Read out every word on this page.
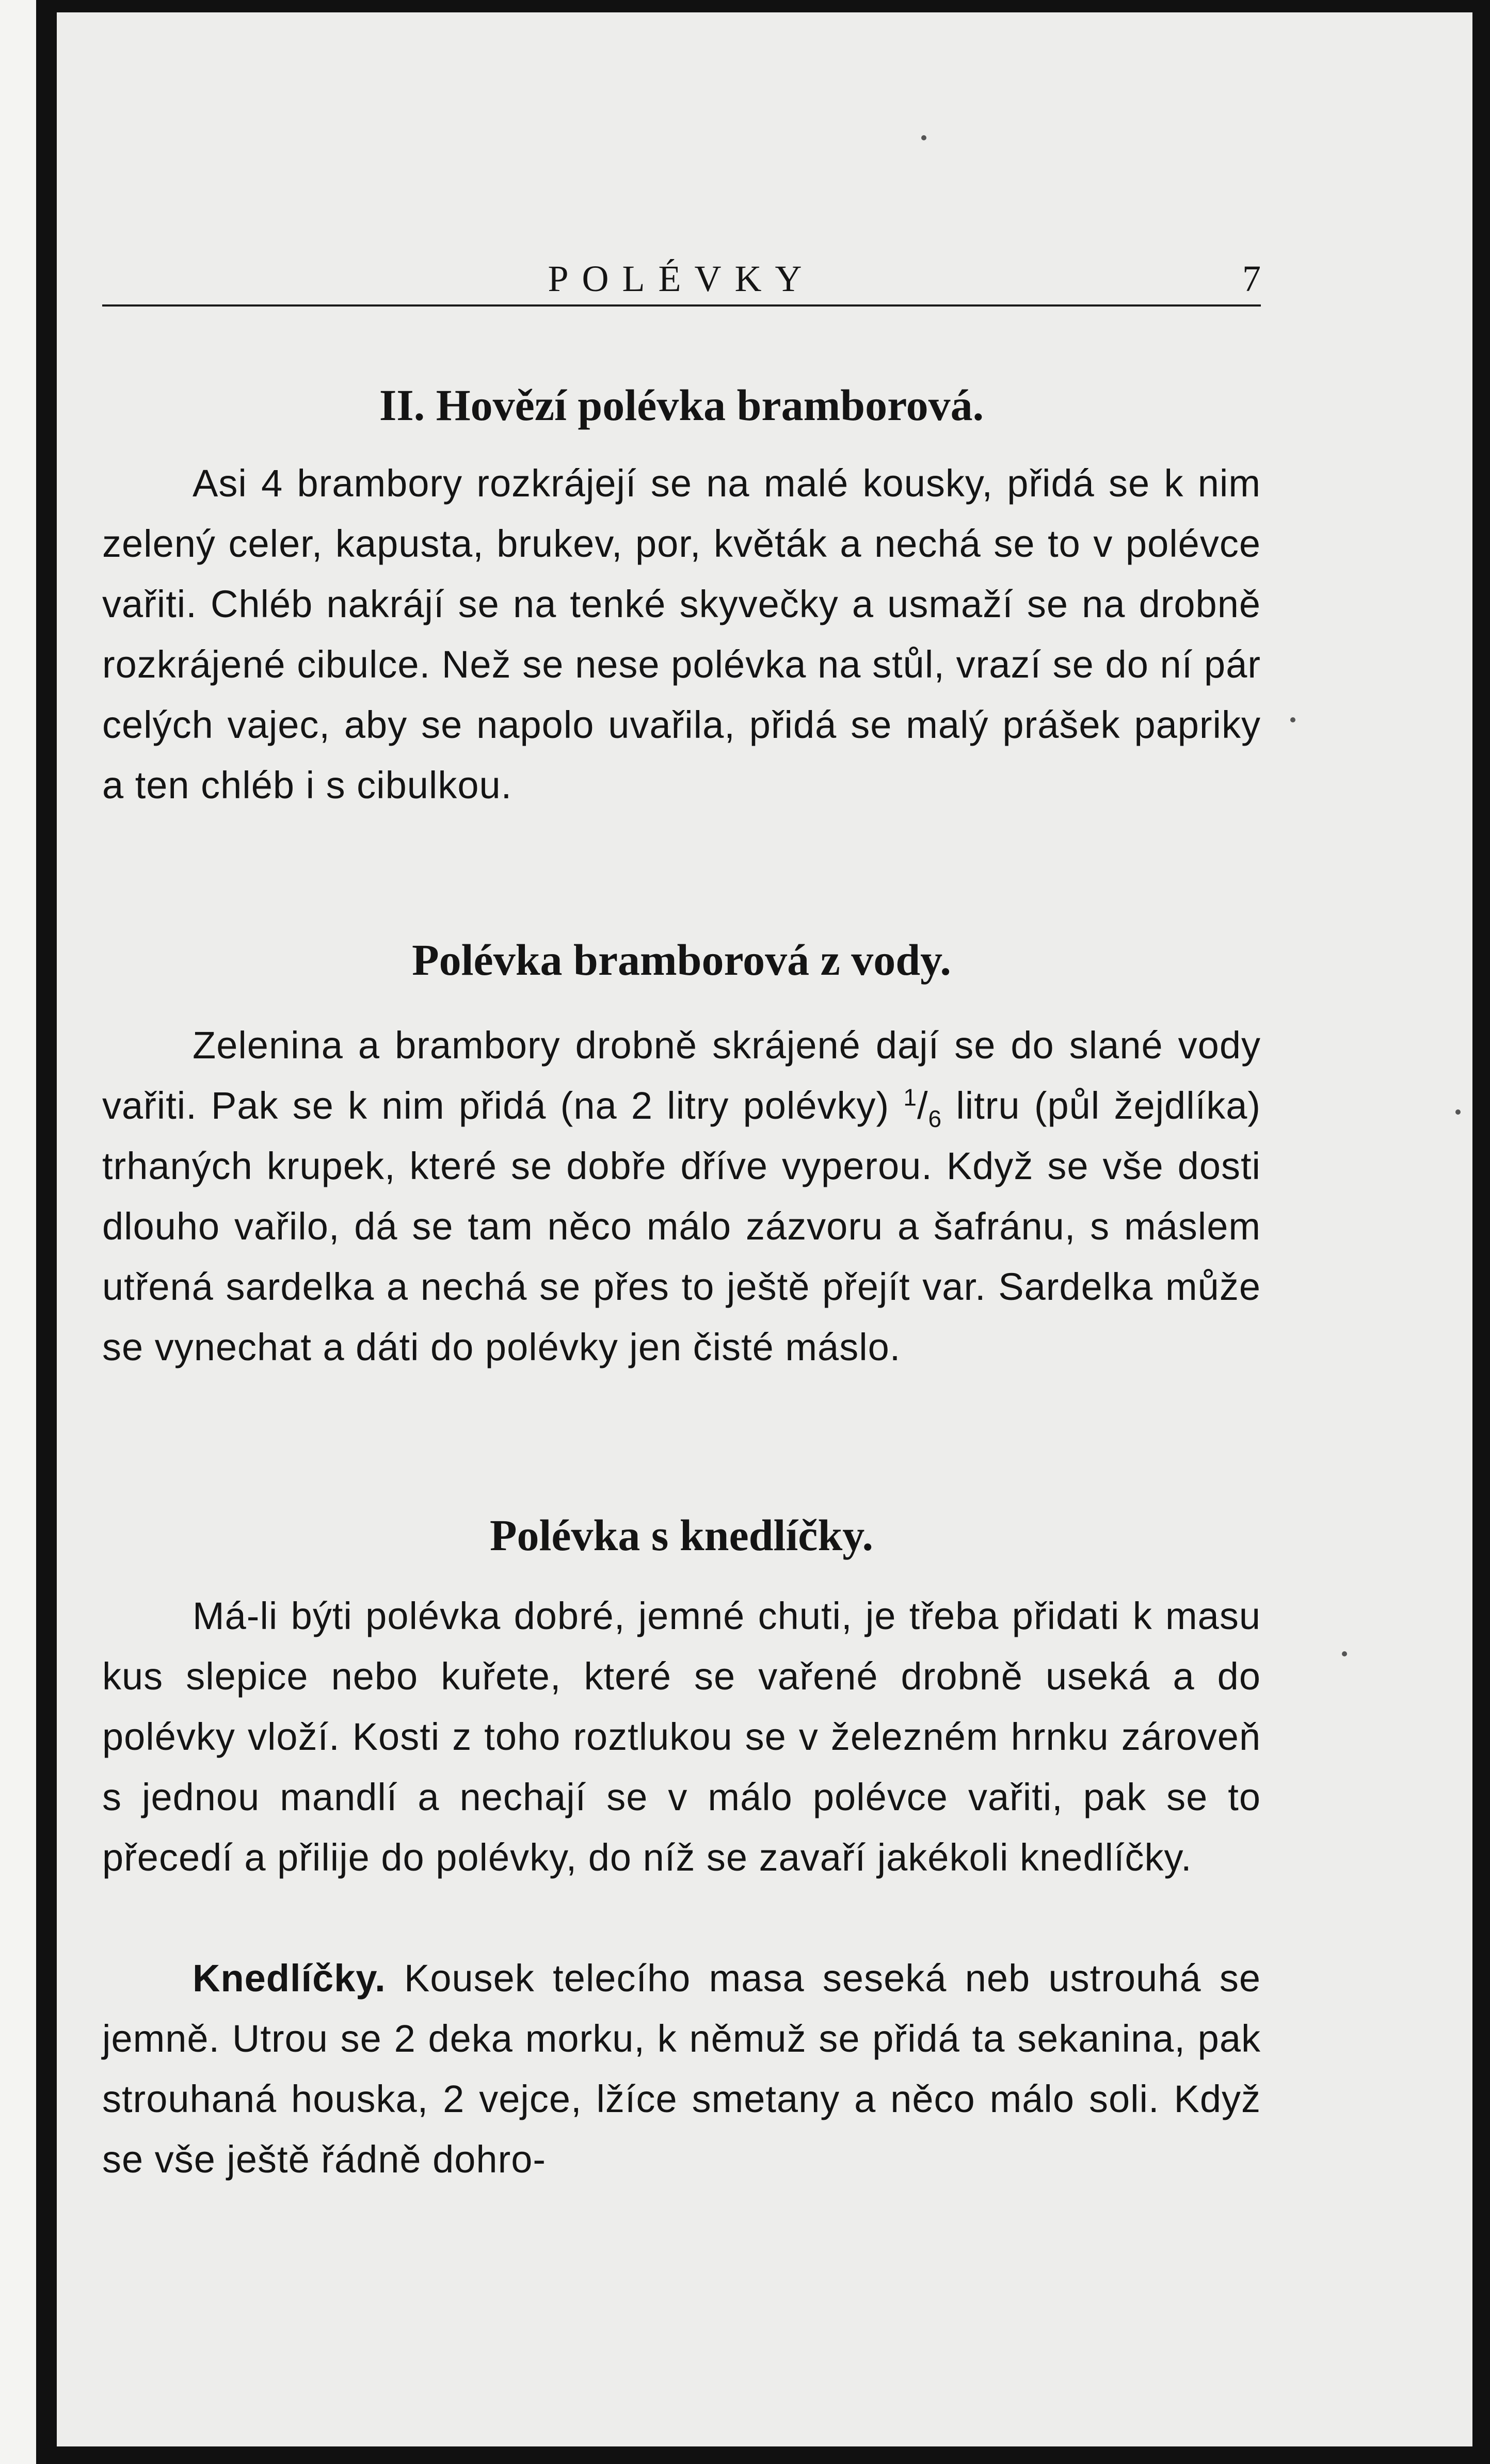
POLÉVKY	7
II. Hovězí polévka bramborová.

Asi 4 brambory rozkrájejí se na malé kousky, přidá se k nim zelený celer, kapusta, brukev, por, květák a nechá se to v polévce vařiti. Chléb nakrájí se na tenké skyvečky a usmaží se na drobně rozkrájené cibulce. Než se nese polévka na stůl, vrazí se do ní pár celých vajec, aby se napolo uvařila, přidá se malý prášek papriky a ten chléb i s cibulkou.

Polévka bramborová z vody.

Zelenina a brambory drobně skrájené dají se do slané vody vařiti. Pak se k nim přidá (na 2 litry polévky) $^1/_6$ litru (půl žejdlíka) trhaných krupek, které se dobře dříve vyperou. Když se vše dosti dlouho vařilo, dá se tam něco málo zázvoru a šafránu, s máslem utřená sardelka a nechá se přes to ještě přejít var. Sardelka může se vynechat a dáti do polévky jen čisté máslo.

Polévka s knedlíčky.

Má-li býti polévka dobré, jemné chuti, je třeba přidati k masu kus slepice nebo kuřete, které se vařené drobně useká a do polévky vloží. Kosti z toho roztlukou se v železném hrnku zároveň s jednou mandlí a nechají se v málo polévce vařiti, pak se to přecedí a přilije do polévky, do níž se zavaří jakékoli knedlíčky.

Knedlíčky. Kousek telecího masa seseká neb ustrouhá se jemně. Utrou se 2 deka morku, k němuž se přidá ta sekanina, pak strouhaná houska, 2 vejce, lžíce smetany a něco málo soli. Když se vše ještě řádně dohro-
